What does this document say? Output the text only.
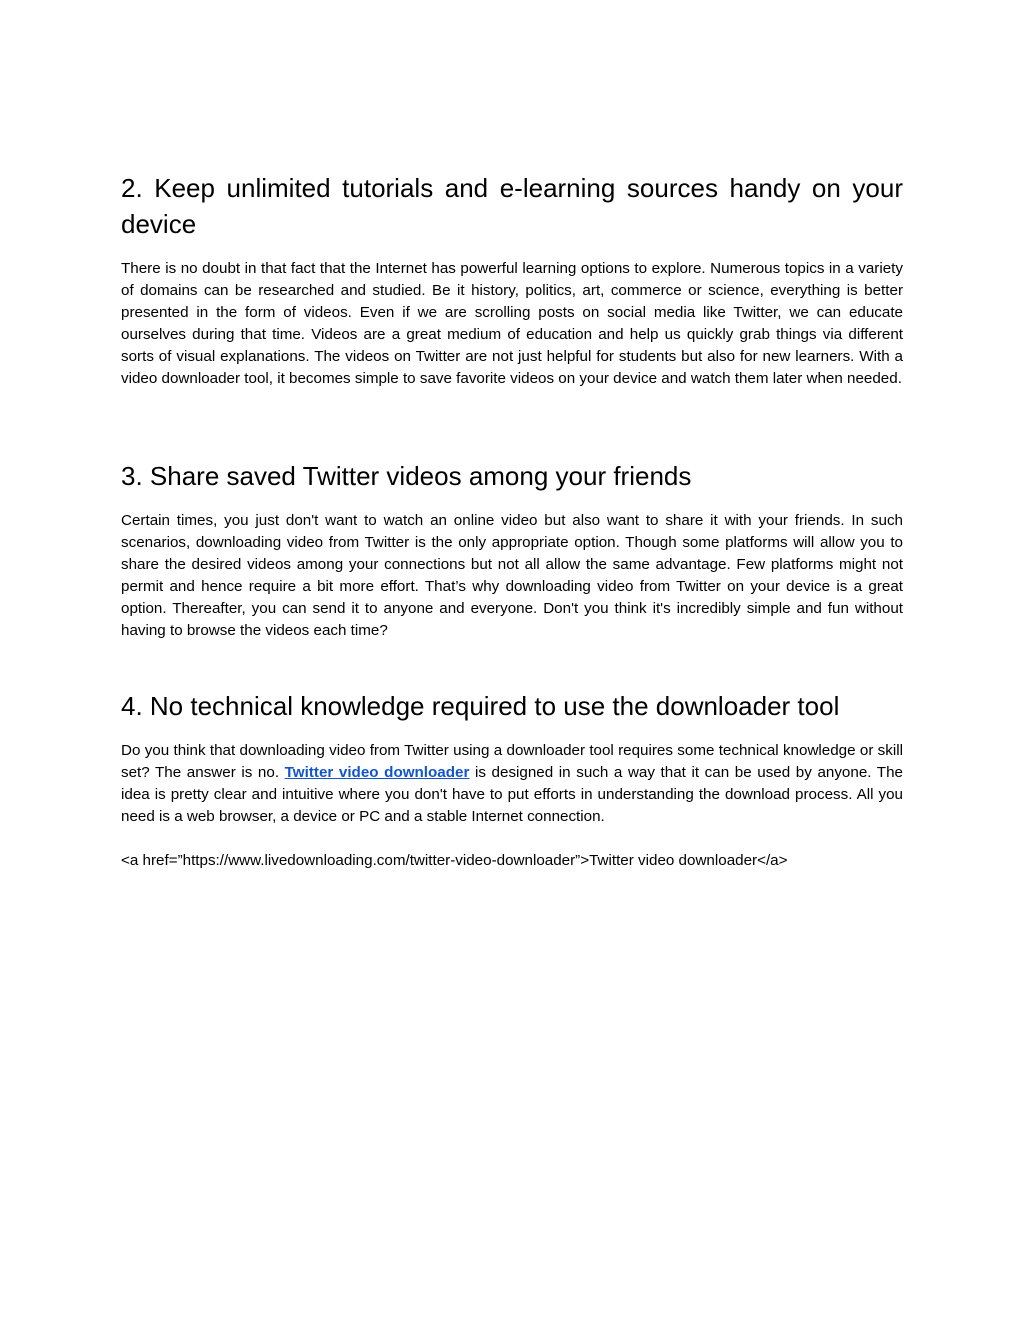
2. Keep unlimited tutorials and e-learning sources handy on your device

There is no doubt in that fact that the Internet has powerful learning options to explore. Numerous topics in a variety of domains can be researched and studied. Be it history, politics, art, commerce or science, everything is better presented in the form of videos. Even if we are scrolling posts on social media like Twitter, we can educate ourselves during that time. Videos are a great medium of education and help us quickly grab things via different sorts of visual explanations. The videos on Twitter are not just helpful for students but also for new learners. With a video downloader tool, it becomes simple to save favorite videos on your device and watch them later when needed.

3. Share saved Twitter videos among your friends

Certain times, you just don't want to watch an online video but also want to share it with your friends. In such scenarios, downloading video from Twitter is the only appropriate option. Though some platforms will allow you to share the desired videos among your connections but not all allow the same advantage. Few platforms might not permit and hence require a bit more effort. That’s why downloading video from Twitter on your device is a great option. Thereafter, you can send it to anyone and everyone. Don't you think it's incredibly simple and fun without having to browse the videos each time?

4. No technical knowledge required to use the downloader tool

Do you think that downloading video from Twitter using a downloader tool requires some technical knowledge or skill set? The answer is no. Twitter video downloader is designed in such a way that it can be used by anyone. The idea is pretty clear and intuitive where you don't have to put efforts in understanding the download process. All you need is a web browser, a device or PC and a stable Internet connection.

<a href=”https://www.livedownloading.com/twitter-video-downloader”>Twitter video downloader</a>
